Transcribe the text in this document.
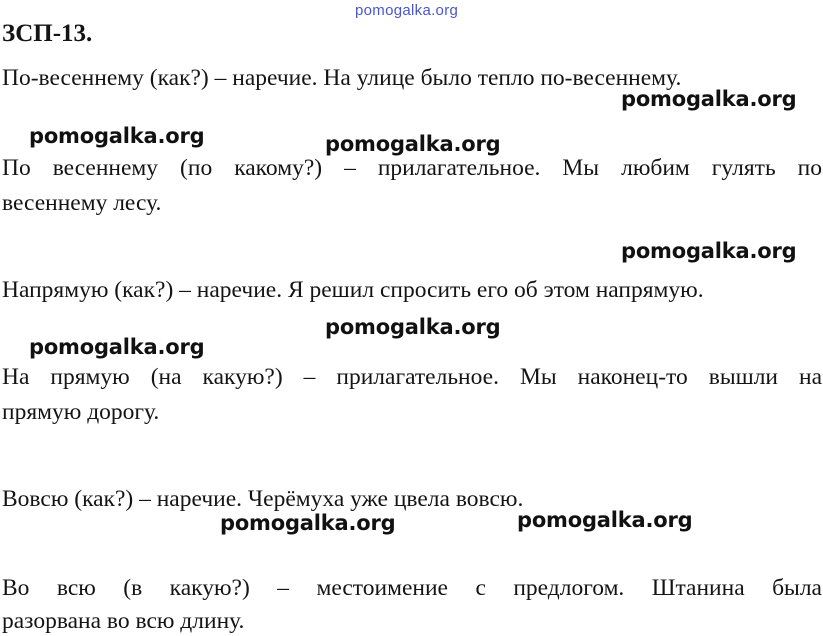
pomogalka.org
ЗСП-13.
По-весеннему (как?) – наречие. На улице было тепло по-весеннему.
pomogalka.org
pomogalka.org	pomogalka.org
По весеннему (по какому?) – прилагательное. Мы любим гулять по
весеннему лесу.
pomogalka.org
Напрямую (как?) – наречие. Я решил спросить его об этом напрямую.
pomogalka.org
pomogalka.org
На прямую (на какую?) – прилагательное. Мы наконец-то вышли на
прямую дорогу.
Вовсю (как?) – наречие. Черёмуха уже цвела вовсю.
pomogalka.org	pomogalka.org
Во всю (в какую?) – местоимение с предлогом. Штанина была
разорвана во всю длину.
